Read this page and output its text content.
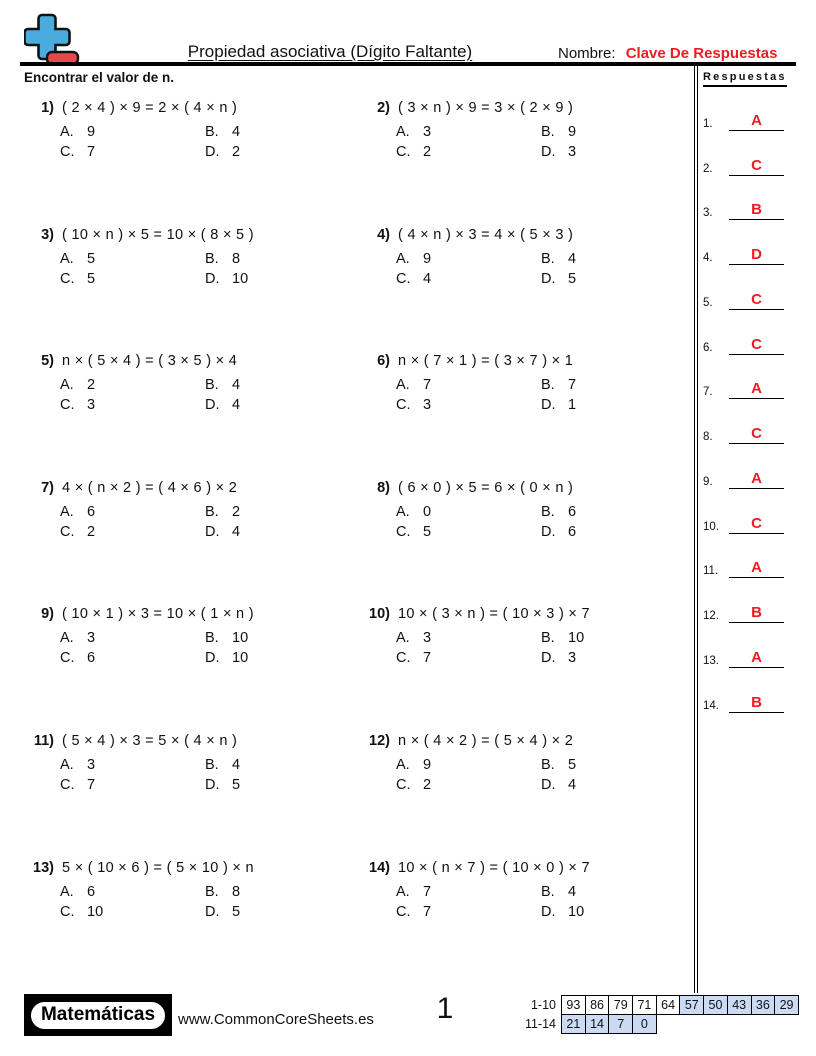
Propiedad asociativa (Dígito Faltante)	Nombre: Clave De Respuestas
Encontrar el valor de n.	Respuestas
1.	A
2.	C
3.	B
4.	D
5.	C
6.	C
7.	A
8.	C
9.	A
10.	C
11.	A
12.	B
13.	A
14.	B
1) ( 2 × 4 ) × 9 = 2 × ( 4 × n )
A. 9	B. 4
C. 7	D. 2
2) ( 3 × n ) × 9 = 3 × ( 2 × 9 )
A. 3	B. 9
C. 2	D. 3
3) ( 10 × n ) × 5 = 10 × ( 8 × 5 )
A. 5	B. 8
C. 5	D. 10
4) ( 4 × n ) × 3 = 4 × ( 5 × 3 )
A. 9	B. 4
C. 4	D. 5
5) n × ( 5 × 4 ) = ( 3 × 5 ) × 4
A. 2	B. 4
C. 3	D. 4
6) n × ( 7 × 1 ) = ( 3 × 7 ) × 1
A. 7	B. 7
C. 3	D. 1
7) 4 × ( n × 2 ) = ( 4 × 6 ) × 2
A. 6	B. 2
C. 2	D. 4
8) ( 6 × 0 ) × 5 = 6 × ( 0 × n )
A. 0	B. 6
C. 5	D. 6
9) ( 10 × 1 ) × 3 = 10 × ( 1 × n )
A. 3	B. 10
C. 6	D. 10
10) 10 × ( 3 × n ) = ( 10 × 3 ) × 7
A. 3	B. 10
C. 7	D. 3
11) ( 5 × 4 ) × 3 = 5 × ( 4 × n )
A. 3	B. 4
C. 7	D. 5
12) n × ( 4 × 2 ) = ( 5 × 4 ) × 2
A. 9	B. 5
C. 2	D. 4
13) 5 × ( 10 × 6 ) = ( 5 × 10 ) × n
A. 6	B. 8
C. 10	D. 5
14) 10 × ( n × 7 ) = ( 10 × 0 ) × 7
A. 7	B. 4
C. 7	D. 10
Matemáticas	www.CommonCoreSheets.es	1	1-10 93 86 79 71 64 57 50 43 36 29
11-14 21 14	7	0
